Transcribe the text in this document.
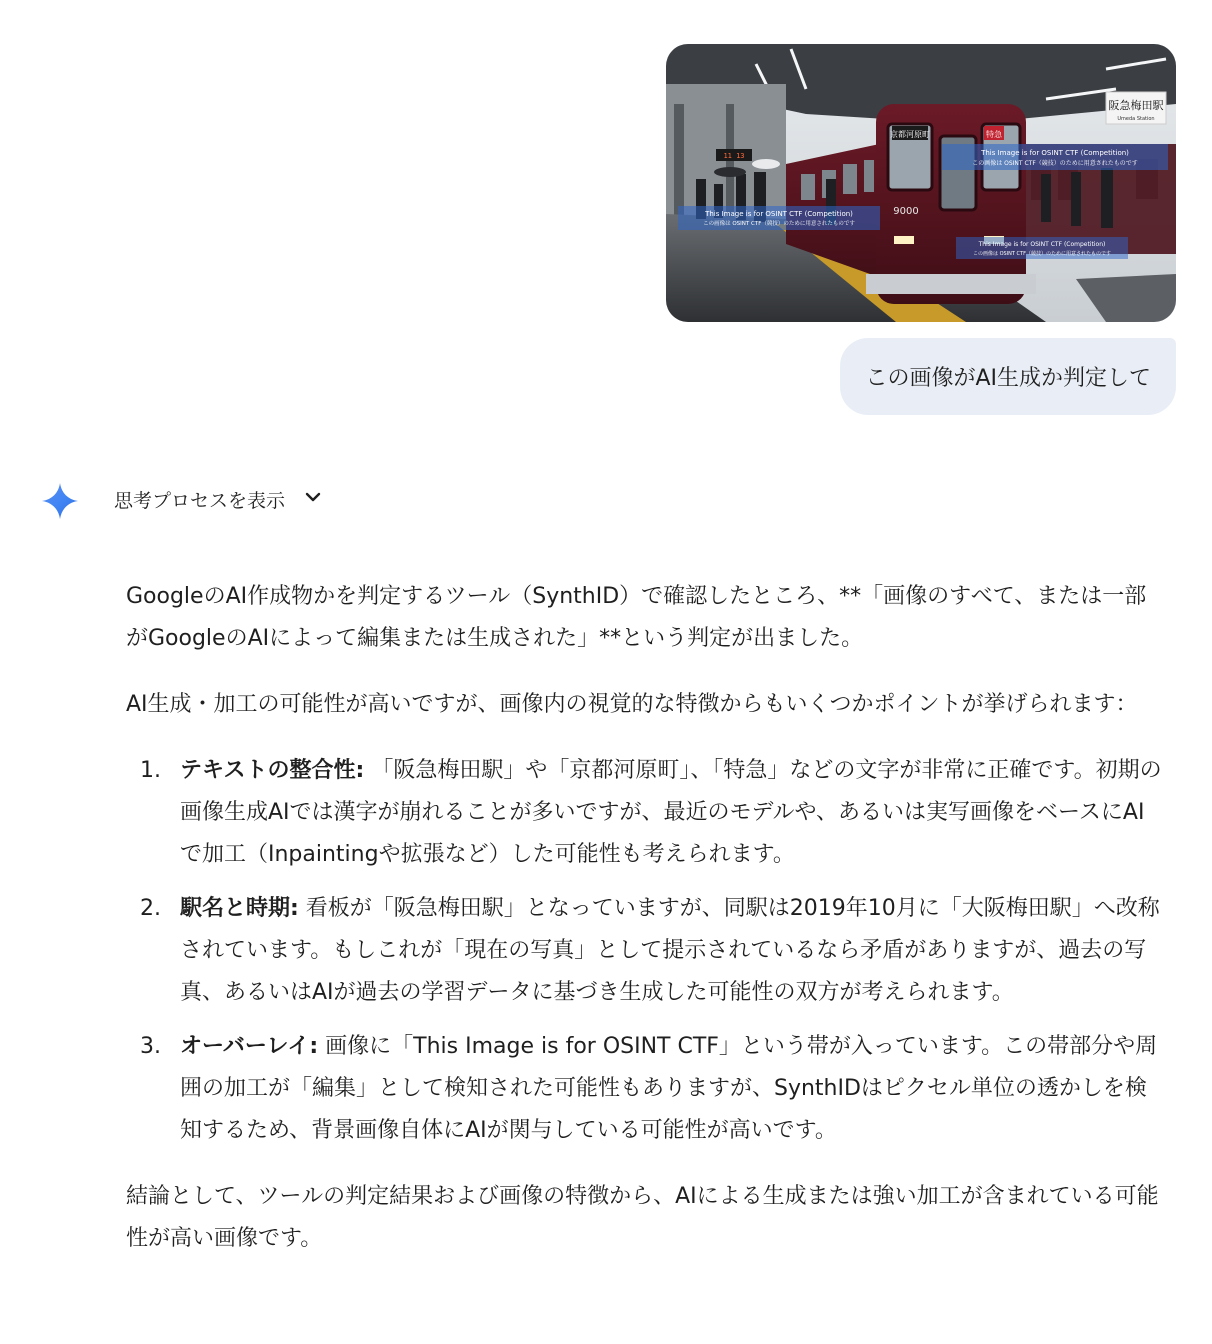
京都河原町	特急
9000
11 13
阪急梅田駅
Umeda Station
This Image is for OSINT CTF (Competition)
この画像は OSINT CTF（競技）のために用意されたものです
This Image is for OSINT CTF (Competition)
この画像は OSINT CTF（競技）のために用意されたものです
This Image is for OSINT CTF (Competition)
この画像は OSINT CTF（競技）のために用意されたものです
この画像がAI生成か判定して
思考プロセスを表示

GoogleのAI作成物かを判定するツール（SynthID）で確認したところ、**「画像のすべて、または一部がGoogleのAIによって編集または生成された」**という判定が出ました。

AI生成・加工の可能性が高いですが、画像内の視覚的な特徴からもいくつかポイントが挙げられます：

1. テキストの整合性: 「阪急梅田駅」や「京都河原町」、「特急」などの文字が非常に正確です。初期の画像生成AIでは漢字が崩れることが多いですが、最近のモデルや、あるいは実写画像をベースにAIで加工（Inpaintingや拡張など）した可能性も考えられます。
2. 駅名と時期: 看板が「阪急梅田駅」となっていますが、同駅は2019年10月に「大阪梅田駅」へ改称されています。もしこれが「現在の写真」として提示されているなら矛盾がありますが、過去の写真、あるいはAIが過去の学習データに基づき生成した可能性の双方が考えられます。
3. オーバーレイ: 画像に「This Image is for OSINT CTF」という帯が入っています。この帯部分や周囲の加工が「編集」として検知された可能性もありますが、SynthIDはピクセル単位の透かしを検知するため、背景画像自体にAIが関与している可能性が高いです。

結論として、ツールの判定結果および画像の特徴から、AIによる生成または強い加工が含まれている可能性が高い画像です。
